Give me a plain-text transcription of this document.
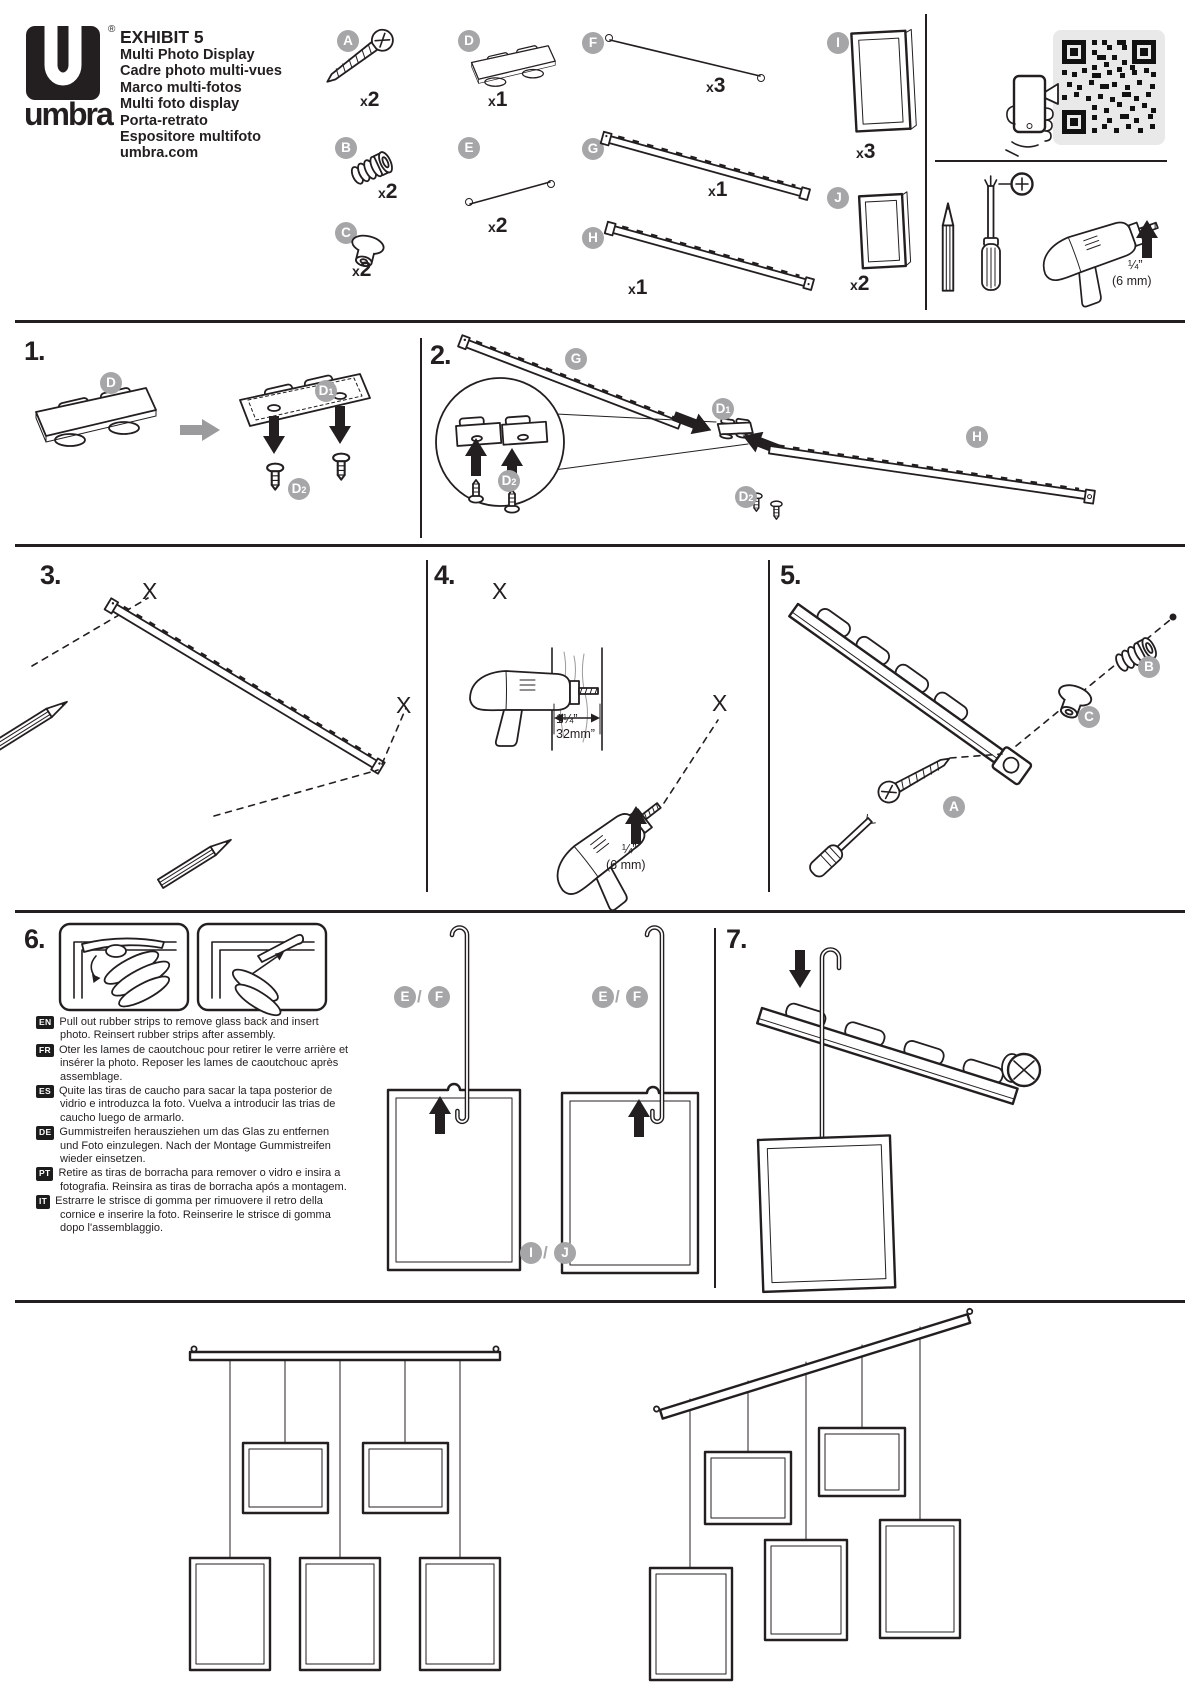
®
umbra
EXHIBIT 5
Multi Photo Display
Cadre photo multi-vues
Marco multi-fotos
Multi foto display
Porta-retrato
Espositore multifoto
umbra.com
A
x2
B
x2
C
x2
D
x1
E
x2
F
x3
G
x1
H
x1
I
x3
J
x2
¼”
(6 mm)
1.
D
D1
D2
2.	G
D1
D2
D2
H
3.
X
X
4.
X
X
1¼”
32mm”
¼”
(6 mm)
5.
B
C
A
6.
EN Pull out rubber strips to remove glass back and insert photo. Reinsert rubber strips after assembly.
FR Oter les lames de caoutchouc pour retirer le verre arrière et insérer la photo. Reposer les lames de caoutchouc après assemblage.
ES Quite las tiras de caucho para sacar la tapa posterior de vidrio e introduzca la foto. Vuelva a introducir las trias de caucho luego de armarlo.
DE Gummistreifen herausziehen um das Glas zu entfernen und Foto einzulegen. Nach der Montage Gummistreifen wieder einsetzen.
PT Retire as tiras de borracha para remover o vidro e insira a fotografia. Reinsira as tiras de borracha após a montagem.
IT Estrarre le strisce di gomma per rimuovere il retro della cornice e inserire la foto. Reinserire le strisce di gomma dopo l'assemblaggio.
E / F	E / F
I /	J
7.
